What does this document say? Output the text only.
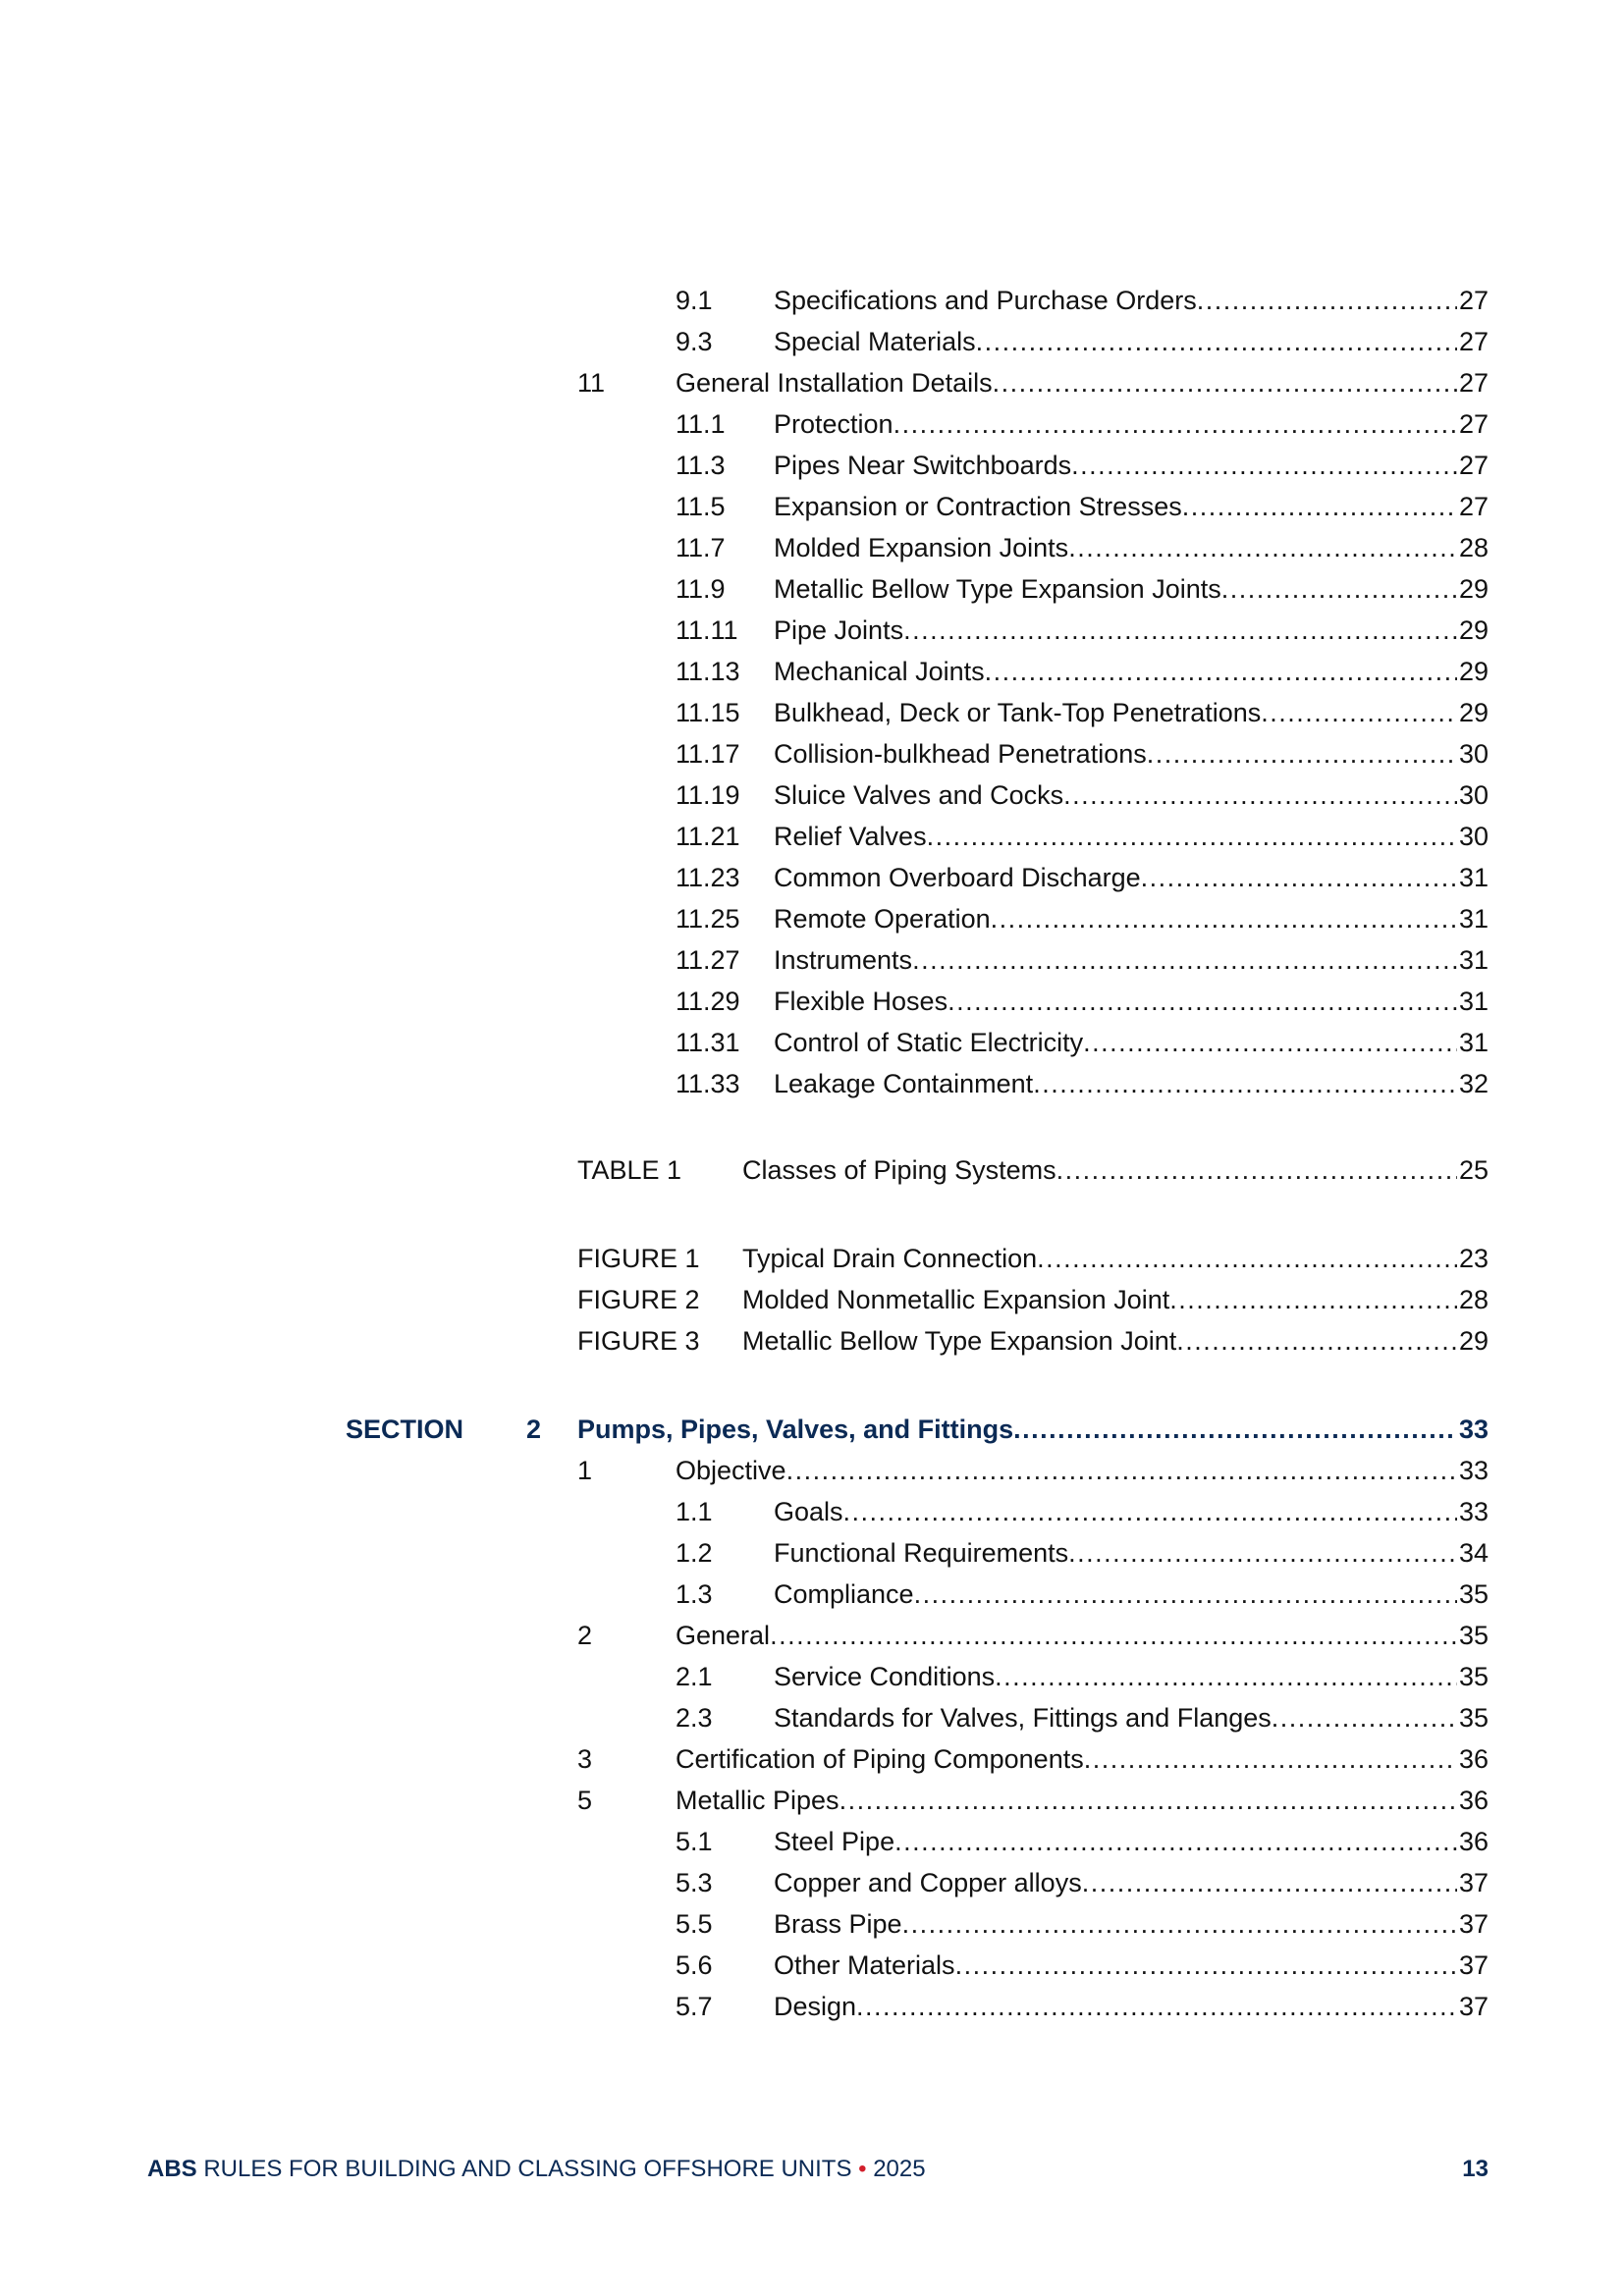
9.1	Specifications and Purchase Orders .....	27
9.3	Special Materials .....	27
11	General Installation Details .....	27
11.1	Protection .....	27
11.3	Pipes Near Switchboards .....	27
11.5	Expansion or Contraction Stresses .....	27
11.7	Molded Expansion Joints .....	28
11.9	Metallic Bellow Type Expansion Joints .....	29
11.11	Pipe Joints .....	29
11.13	Mechanical Joints .....	29
11.15	Bulkhead, Deck or Tank-Top Penetrations .....	29
11.17	Collision-bulkhead Penetrations .....	30
11.19	Sluice Valves and Cocks .....	30
11.21	Relief Valves .....	30
11.23	Common Overboard Discharge .....	31
11.25	Remote Operation .....	31
11.27	Instruments .....	31
11.29	Flexible Hoses .....	31
11.31	Control of Static Electricity .....	31
11.33	Leakage Containment .....	32
TABLE 1	Classes of Piping Systems .....	25
FIGURE 1	Typical Drain Connection .....	23
FIGURE 2	Molded Nonmetallic Expansion Joint .....	28
FIGURE 3	Metallic Bellow Type Expansion Joint .....	29
SECTION	2	Pumps, Pipes, Valves, and Fittings .....	33
1	Objective .....	33
1.1	Goals .....	33
1.2	Functional Requirements .....	34
1.3	Compliance .....	35
2	General .....	35
2.1	Service Conditions .....	35
2.3	Standards for Valves, Fittings and Flanges .....	35
3	Certification of Piping Components .....	36
5	Metallic Pipes .....	36
5.1	Steel Pipe .....	36
5.3	Copper and Copper alloys .....	37
5.5	Brass Pipe .....	37
5.6	Other Materials .....	37
5.7	Design .....	37
ABS RULES FOR BUILDING AND CLASSING OFFSHORE UNITS • 2025	13
